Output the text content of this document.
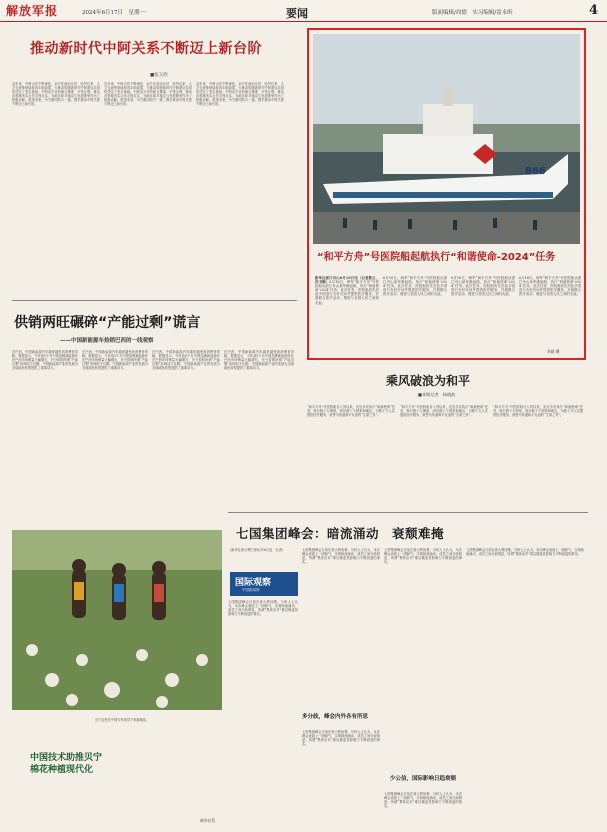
解放军报	2024年6月17日　星期一	要闻	版面编辑/周德　 实习编辑/雷永昕	4
推动新时代中阿关系不断迈上新台阶
■张玉欣
近年来，中阿合作不断深化，双方在政治互信、经贸往来、人文交流等领域取得丰硕成果，为推动构建新时代中阿命运共同体奠定了坚实基础。中阿双方坚持相互尊重、平等互利，推动各领域务实合作走深走实，为地区和平稳定与发展繁荣作出了积极贡献。展望未来，中方愿同阿方一道，携手推动中阿关系不断迈上新台阶。
近年来，中阿合作不断深化，双方在政治互信、经贸往来、人文交流等领域取得丰硕成果，为推动构建新时代中阿命运共同体奠定了坚实基础。中阿双方坚持相互尊重、平等互利，推动各领域务实合作走深走实，为地区和平稳定与发展繁荣作出了积极贡献。展望未来，中方愿同阿方一道，携手推动中阿关系不断迈上新台阶。
近年来，中阿合作不断深化，双方在政治互信、经贸往来、人文交流等领域取得丰硕成果，为推动构建新时代中阿命运共同体奠定了坚实基础。中阿双方坚持相互尊重、平等互利，推动各领域务实合作走深走实，为地区和平稳定与发展繁荣作出了积极贡献。展望未来，中方愿同阿方一道，携手推动中阿关系不断迈上新台阶。
866
“和平方舟”号医院船起航执行“和谐使命-2024”任务
新华社浙江舟山6月16日电（记者黎云、苏书顺）6月16日，海军“和平方舟”号医院船从浙江舟山某军港起航，执行“和谐使命-2024”任务。此次任务，医院船将先后赴多国进行友好访问并提供医疗服务，开展联合医疗活动，增进与各国人民之间的友谊。
6月16日，海军“和平方舟”号医院船从浙江舟山某军港起航，执行“和谐使命-2024”任务。此次任务，医院船将先后赴多国进行友好访问并提供医疗服务，开展联合医疗活动，增进与各国人民之间的友谊。
6月16日，海军“和平方舟”号医院船从浙江舟山某军港起航，执行“和谐使命-2024”任务。此次任务，医院船将先后赴多国进行友好访问并提供医疗服务，开展联合医疗活动，增进与各国人民之间的友谊。
6月16日，海军“和平方舟”号医院船从浙江舟山某军港起航，执行“和谐使命-2024”任务。此次任务，医院船将先后赴多国进行友好访问并提供医疗服务，开展联合医疗活动，增进与各国人民之间的友谊。
李斌 摄
供销两旺碾碎“产能过剩”谎言
——中国新能源车热销巴西的一线观察
在巴西，中国新能源汽车越来越受到消费者青睐。数据显示，今年前5个月中国品牌新能源车在巴西市场销量大幅增长，充分说明所谓“产能过剩”论调站不住脚，中国新能源产业的发展为全球绿色转型提供了重要动力。
在巴西，中国新能源汽车越来越受到消费者青睐。数据显示，今年前5个月中国品牌新能源车在巴西市场销量大幅增长，充分说明所谓“产能过剩”论调站不住脚，中国新能源产业的发展为全球绿色转型提供了重要动力。
在巴西，中国新能源汽车越来越受到消费者青睐。数据显示，今年前5个月中国品牌新能源车在巴西市场销量大幅增长，充分说明所谓“产能过剩”论调站不住脚，中国新能源产业的发展为全球绿色转型提供了重要动力。
在巴西，中国新能源汽车越来越受到消费者青睐。数据显示，今年前5个月中国品牌新能源车在巴西市场销量大幅增长，充分说明所谓“产能过剩”论调站不住脚，中国新能源产业的发展为全球绿色转型提供了重要动力。
乘风破浪为和平
■本期记者　杨晓波
“和平方舟”号医院船自入列以来，先后多次执行“和谐使命”任务，航行数十万海里，到访数十个国家和地区，为数十万人次提供医疗服务，被誉为传递和平友谊的“生命之舟”。
“和平方舟”号医院船自入列以来，先后多次执行“和谐使命”任务，航行数十万海里，到访数十个国家和地区，为数十万人次提供医疗服务，被誉为传递和平友谊的“生命之舟”。
“和平方舟”号医院船自入列以来，先后多次执行“和谐使命”任务，航行数十万海里，到访数十个国家和地区，为数十万人次提供医疗服务，被誉为传递和平友谊的“生命之舟”。
七国集团峰会：暗流涌动　衰颓难掩
（新华社意大利巴里6月16日电　记者）
国际观察
中国新闻网
七国集团峰会日前在意大利闭幕。分析人士认为，本次峰会表面上一团和气，实则暗流涌动，成员之间分歧明显，所谓“集体应对”难以掩盖其影响力不断衰退的事实。
多分歧，峰会内外各有所思
七国集团峰会日前在意大利闭幕。分析人士认为，本次峰会表面上一团和气，实则暗流涌动，成员之间分歧明显，所谓“集体应对”难以掩盖其影响力不断衰退的事实。
七国集团峰会日前在意大利闭幕。分析人士认为，本次峰会表面上一团和气，实则暗流涌动，成员之间分歧明显，所谓“集体应对”难以掩盖其影响力不断衰退的事实。
七国集团峰会日前在意大利闭幕。分析人士认为，本次峰会表面上一团和气，实则暗流涌动，成员之间分歧明显，所谓“集体应对”难以掩盖其影响力不断衰退的事实。
少公信，国际影响日趋衰颓
七国集团峰会日前在意大利闭幕。分析人士认为，本次峰会表面上一团和气，实则暗流涌动，成员之间分歧明显，所谓“集体应对”难以掩盖其影响力不断衰退的事实。
七国集团峰会日前在意大利闭幕。分析人士认为，本次峰会表面上一团和气，实则暗流涌动，成员之间分歧明显，所谓“集体应对”难以掩盖其影响力不断衰退的事实。
中国技术助推贝宁
棉花种植现代化
贝宁农民在中国专家指导下采摘棉花。
新华社发
